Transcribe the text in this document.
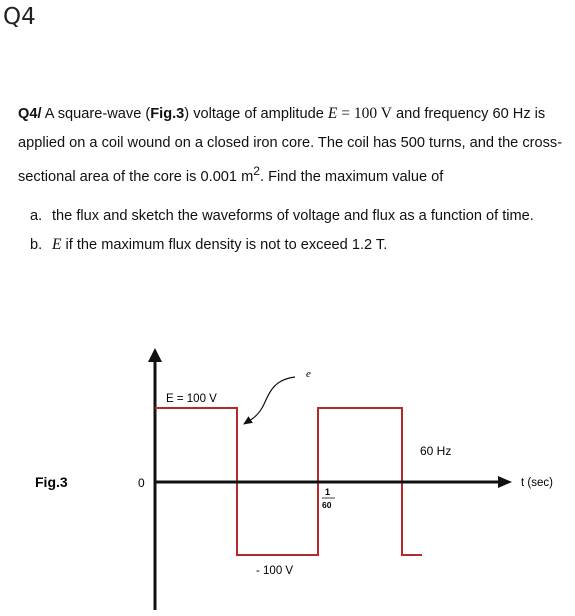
Q4
Q4/ A square-wave (Fig.3) voltage of amplitude E = 100 V and frequency 60 Hz is applied on a coil wound on a closed iron core. The coil has 500 turns, and the cross-sectional area of the core is 0.001 $m^2$. Find the maximum value of
a. the flux and sketch the waveforms of voltage and flux as a function of time.
b. E if the maximum flux density is not to exceed 1.2 T.
Fig.3	0
e
E = 100 V
- 100 V
60 Hz
t (sec)
1
60
